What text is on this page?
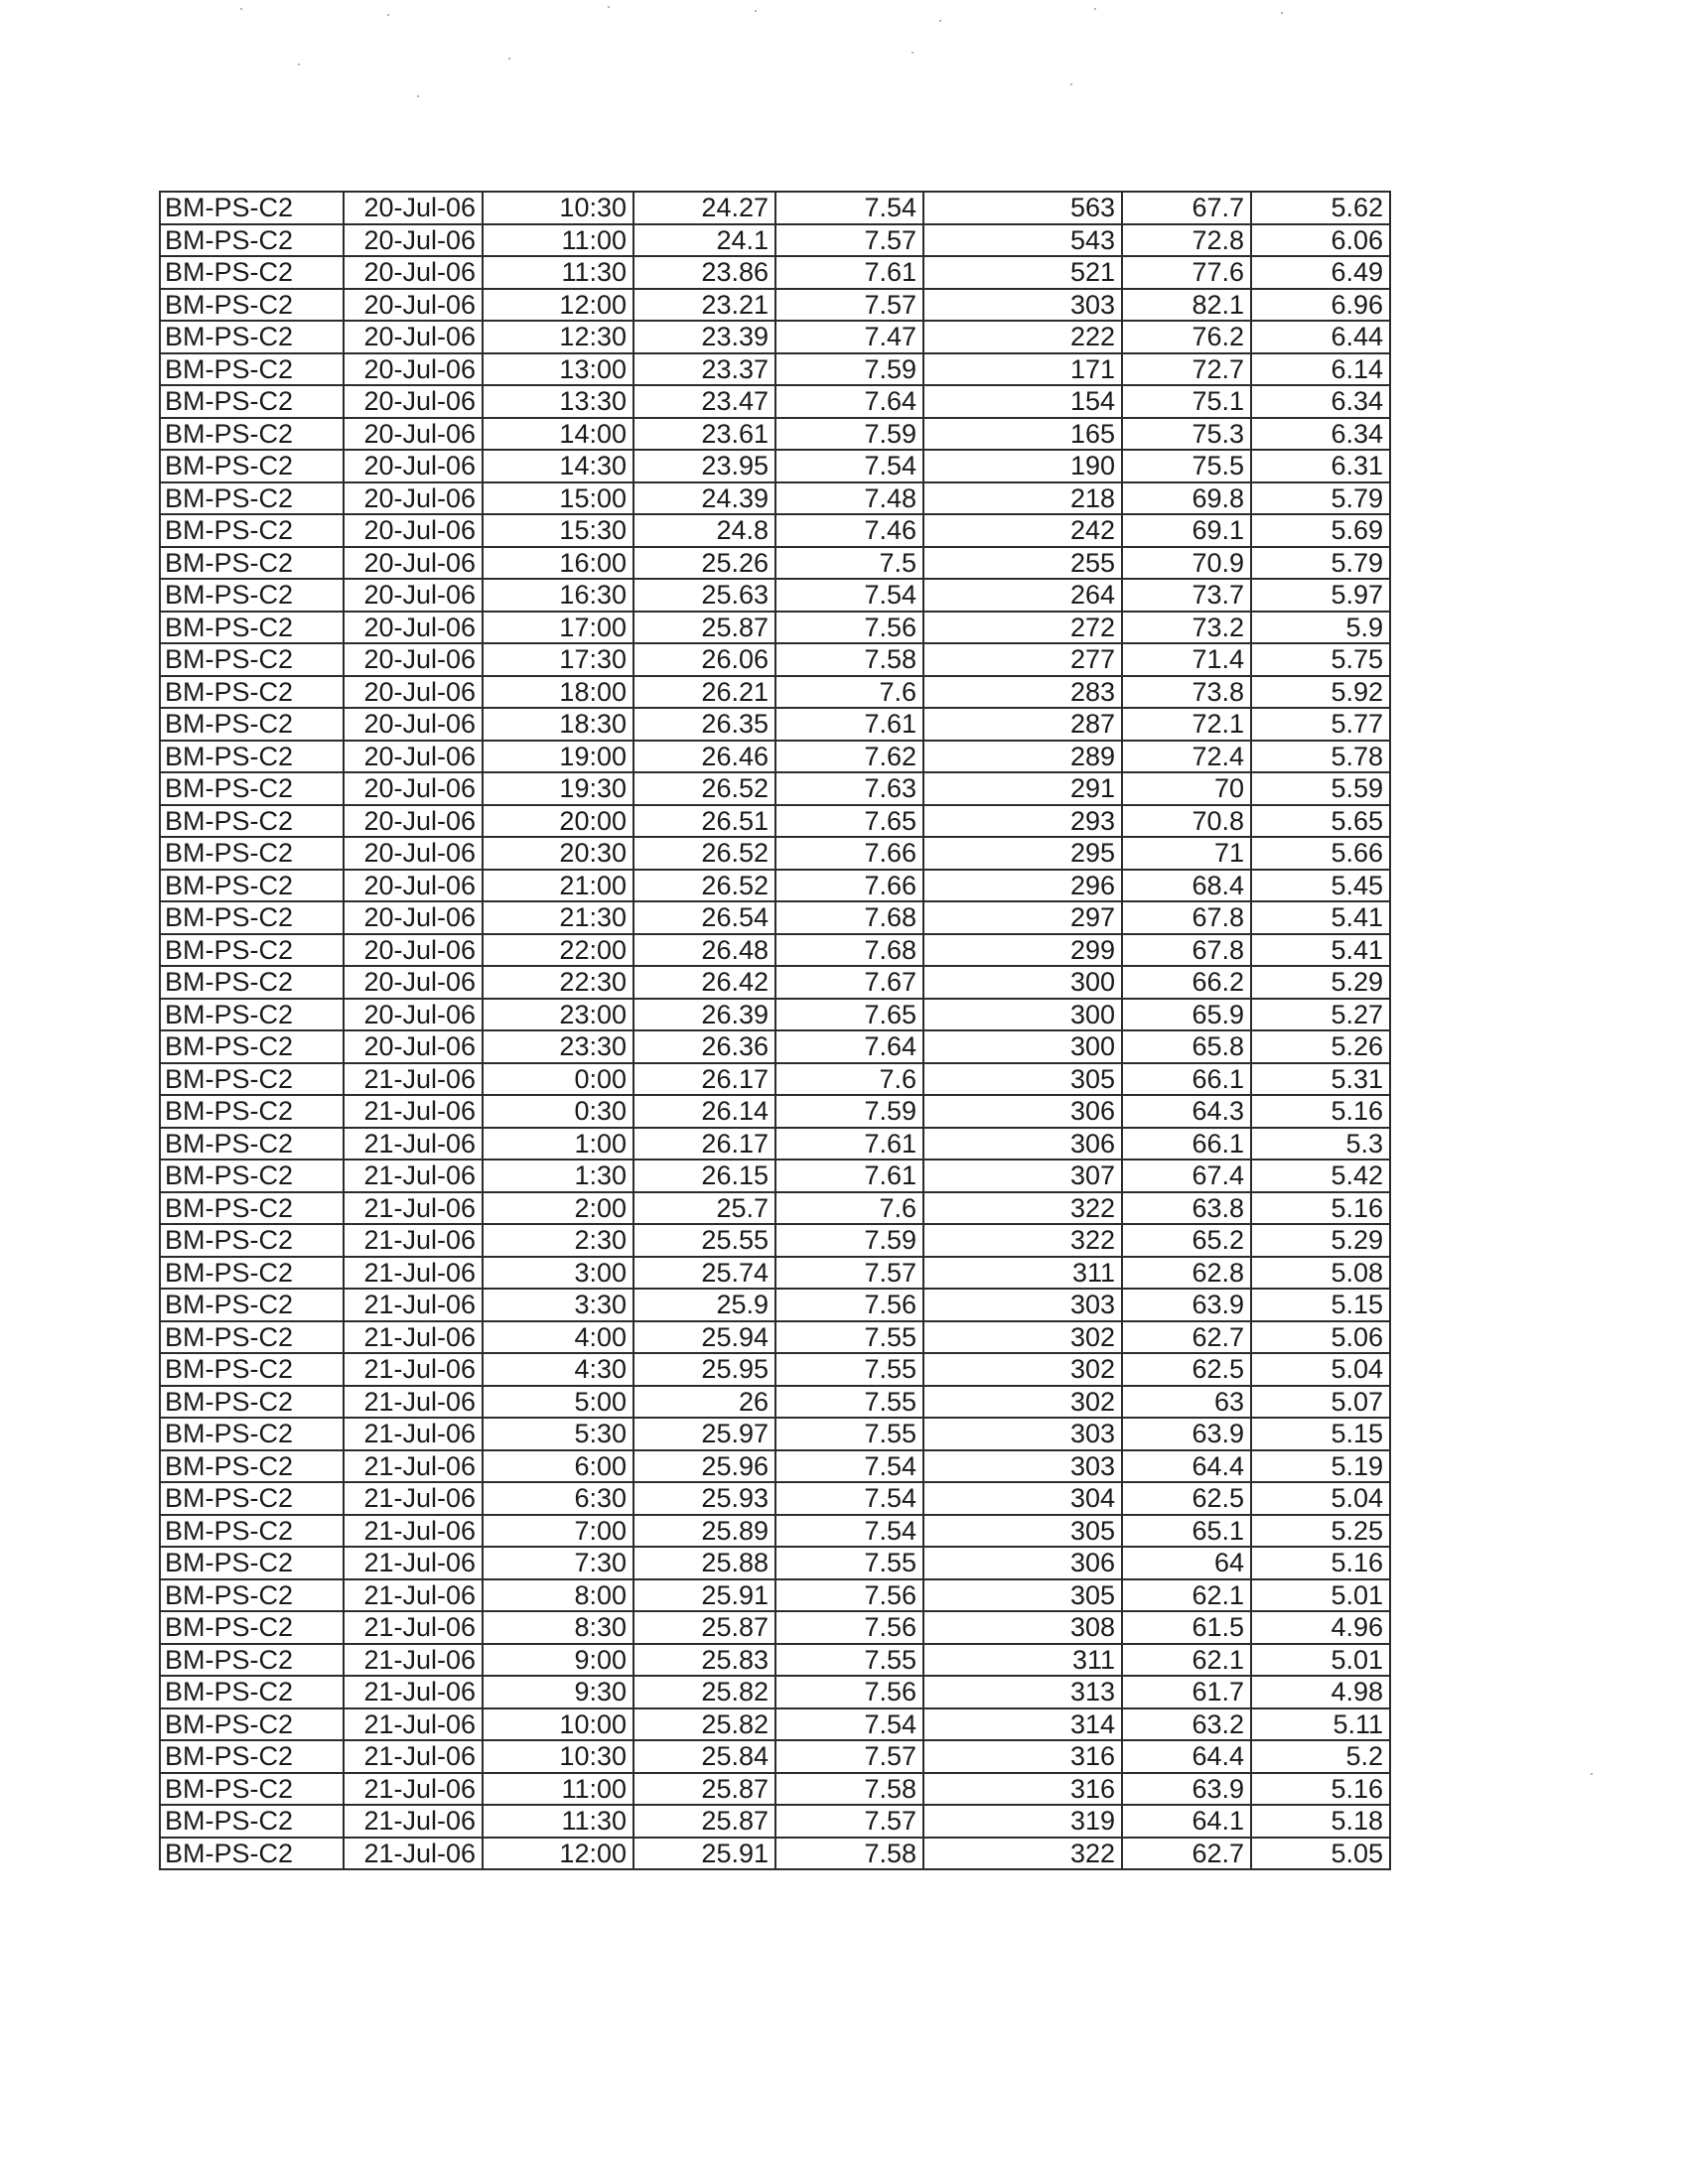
BM-PS-C2	20-Jul-06	10:30	24.27	7.54	563	67.7	5.62
BM-PS-C2	20-Jul-06	11:00	24.1	7.57	543	72.8	6.06
BM-PS-C2	20-Jul-06	11:30	23.86	7.61	521	77.6	6.49
BM-PS-C2	20-Jul-06	12:00	23.21	7.57	303	82.1	6.96
BM-PS-C2	20-Jul-06	12:30	23.39	7.47	222	76.2	6.44
BM-PS-C2	20-Jul-06	13:00	23.37	7.59	171	72.7	6.14
BM-PS-C2	20-Jul-06	13:30	23.47	7.64	154	75.1	6.34
BM-PS-C2	20-Jul-06	14:00	23.61	7.59	165	75.3	6.34
BM-PS-C2	20-Jul-06	14:30	23.95	7.54	190	75.5	6.31
BM-PS-C2	20-Jul-06	15:00	24.39	7.48	218	69.8	5.79
BM-PS-C2	20-Jul-06	15:30	24.8	7.46	242	69.1	5.69
BM-PS-C2	20-Jul-06	16:00	25.26	7.5	255	70.9	5.79
BM-PS-C2	20-Jul-06	16:30	25.63	7.54	264	73.7	5.97
BM-PS-C2	20-Jul-06	17:00	25.87	7.56	272	73.2	5.9
BM-PS-C2	20-Jul-06	17:30	26.06	7.58	277	71.4	5.75
BM-PS-C2	20-Jul-06	18:00	26.21	7.6	283	73.8	5.92
BM-PS-C2	20-Jul-06	18:30	26.35	7.61	287	72.1	5.77
BM-PS-C2	20-Jul-06	19:00	26.46	7.62	289	72.4	5.78
BM-PS-C2	20-Jul-06	19:30	26.52	7.63	291	70	5.59
BM-PS-C2	20-Jul-06	20:00	26.51	7.65	293	70.8	5.65
BM-PS-C2	20-Jul-06	20:30	26.52	7.66	295	71	5.66
BM-PS-C2	20-Jul-06	21:00	26.52	7.66	296	68.4	5.45
BM-PS-C2	20-Jul-06	21:30	26.54	7.68	297	67.8	5.41
BM-PS-C2	20-Jul-06	22:00	26.48	7.68	299	67.8	5.41
BM-PS-C2	20-Jul-06	22:30	26.42	7.67	300	66.2	5.29
BM-PS-C2	20-Jul-06	23:00	26.39	7.65	300	65.9	5.27
BM-PS-C2	20-Jul-06	23:30	26.36	7.64	300	65.8	5.26
BM-PS-C2	21-Jul-06	0:00	26.17	7.6	305	66.1	5.31
BM-PS-C2	21-Jul-06	0:30	26.14	7.59	306	64.3	5.16
BM-PS-C2	21-Jul-06	1:00	26.17	7.61	306	66.1	5.3
BM-PS-C2	21-Jul-06	1:30	26.15	7.61	307	67.4	5.42
BM-PS-C2	21-Jul-06	2:00	25.7	7.6	322	63.8	5.16
BM-PS-C2	21-Jul-06	2:30	25.55	7.59	322	65.2	5.29
BM-PS-C2	21-Jul-06	3:00	25.74	7.57	311	62.8	5.08
BM-PS-C2	21-Jul-06	3:30	25.9	7.56	303	63.9	5.15
BM-PS-C2	21-Jul-06	4:00	25.94	7.55	302	62.7	5.06
BM-PS-C2	21-Jul-06	4:30	25.95	7.55	302	62.5	5.04
BM-PS-C2	21-Jul-06	5:00	26	7.55	302	63	5.07
BM-PS-C2	21-Jul-06	5:30	25.97	7.55	303	63.9	5.15
BM-PS-C2	21-Jul-06	6:00	25.96	7.54	303	64.4	5.19
BM-PS-C2	21-Jul-06	6:30	25.93	7.54	304	62.5	5.04
BM-PS-C2	21-Jul-06	7:00	25.89	7.54	305	65.1	5.25
BM-PS-C2	21-Jul-06	7:30	25.88	7.55	306	64	5.16
BM-PS-C2	21-Jul-06	8:00	25.91	7.56	305	62.1	5.01
BM-PS-C2	21-Jul-06	8:30	25.87	7.56	308	61.5	4.96
BM-PS-C2	21-Jul-06	9:00	25.83	7.55	311	62.1	5.01
BM-PS-C2	21-Jul-06	9:30	25.82	7.56	313	61.7	4.98
BM-PS-C2	21-Jul-06	10:00	25.82	7.54	314	63.2	5.11
BM-PS-C2	21-Jul-06	10:30	25.84	7.57	316	64.4	5.2
BM-PS-C2	21-Jul-06	11:00	25.87	7.58	316	63.9	5.16
BM-PS-C2	21-Jul-06	11:30	25.87	7.57	319	64.1	5.18
BM-PS-C2	21-Jul-06	12:00	25.91	7.58	322	62.7	5.05
